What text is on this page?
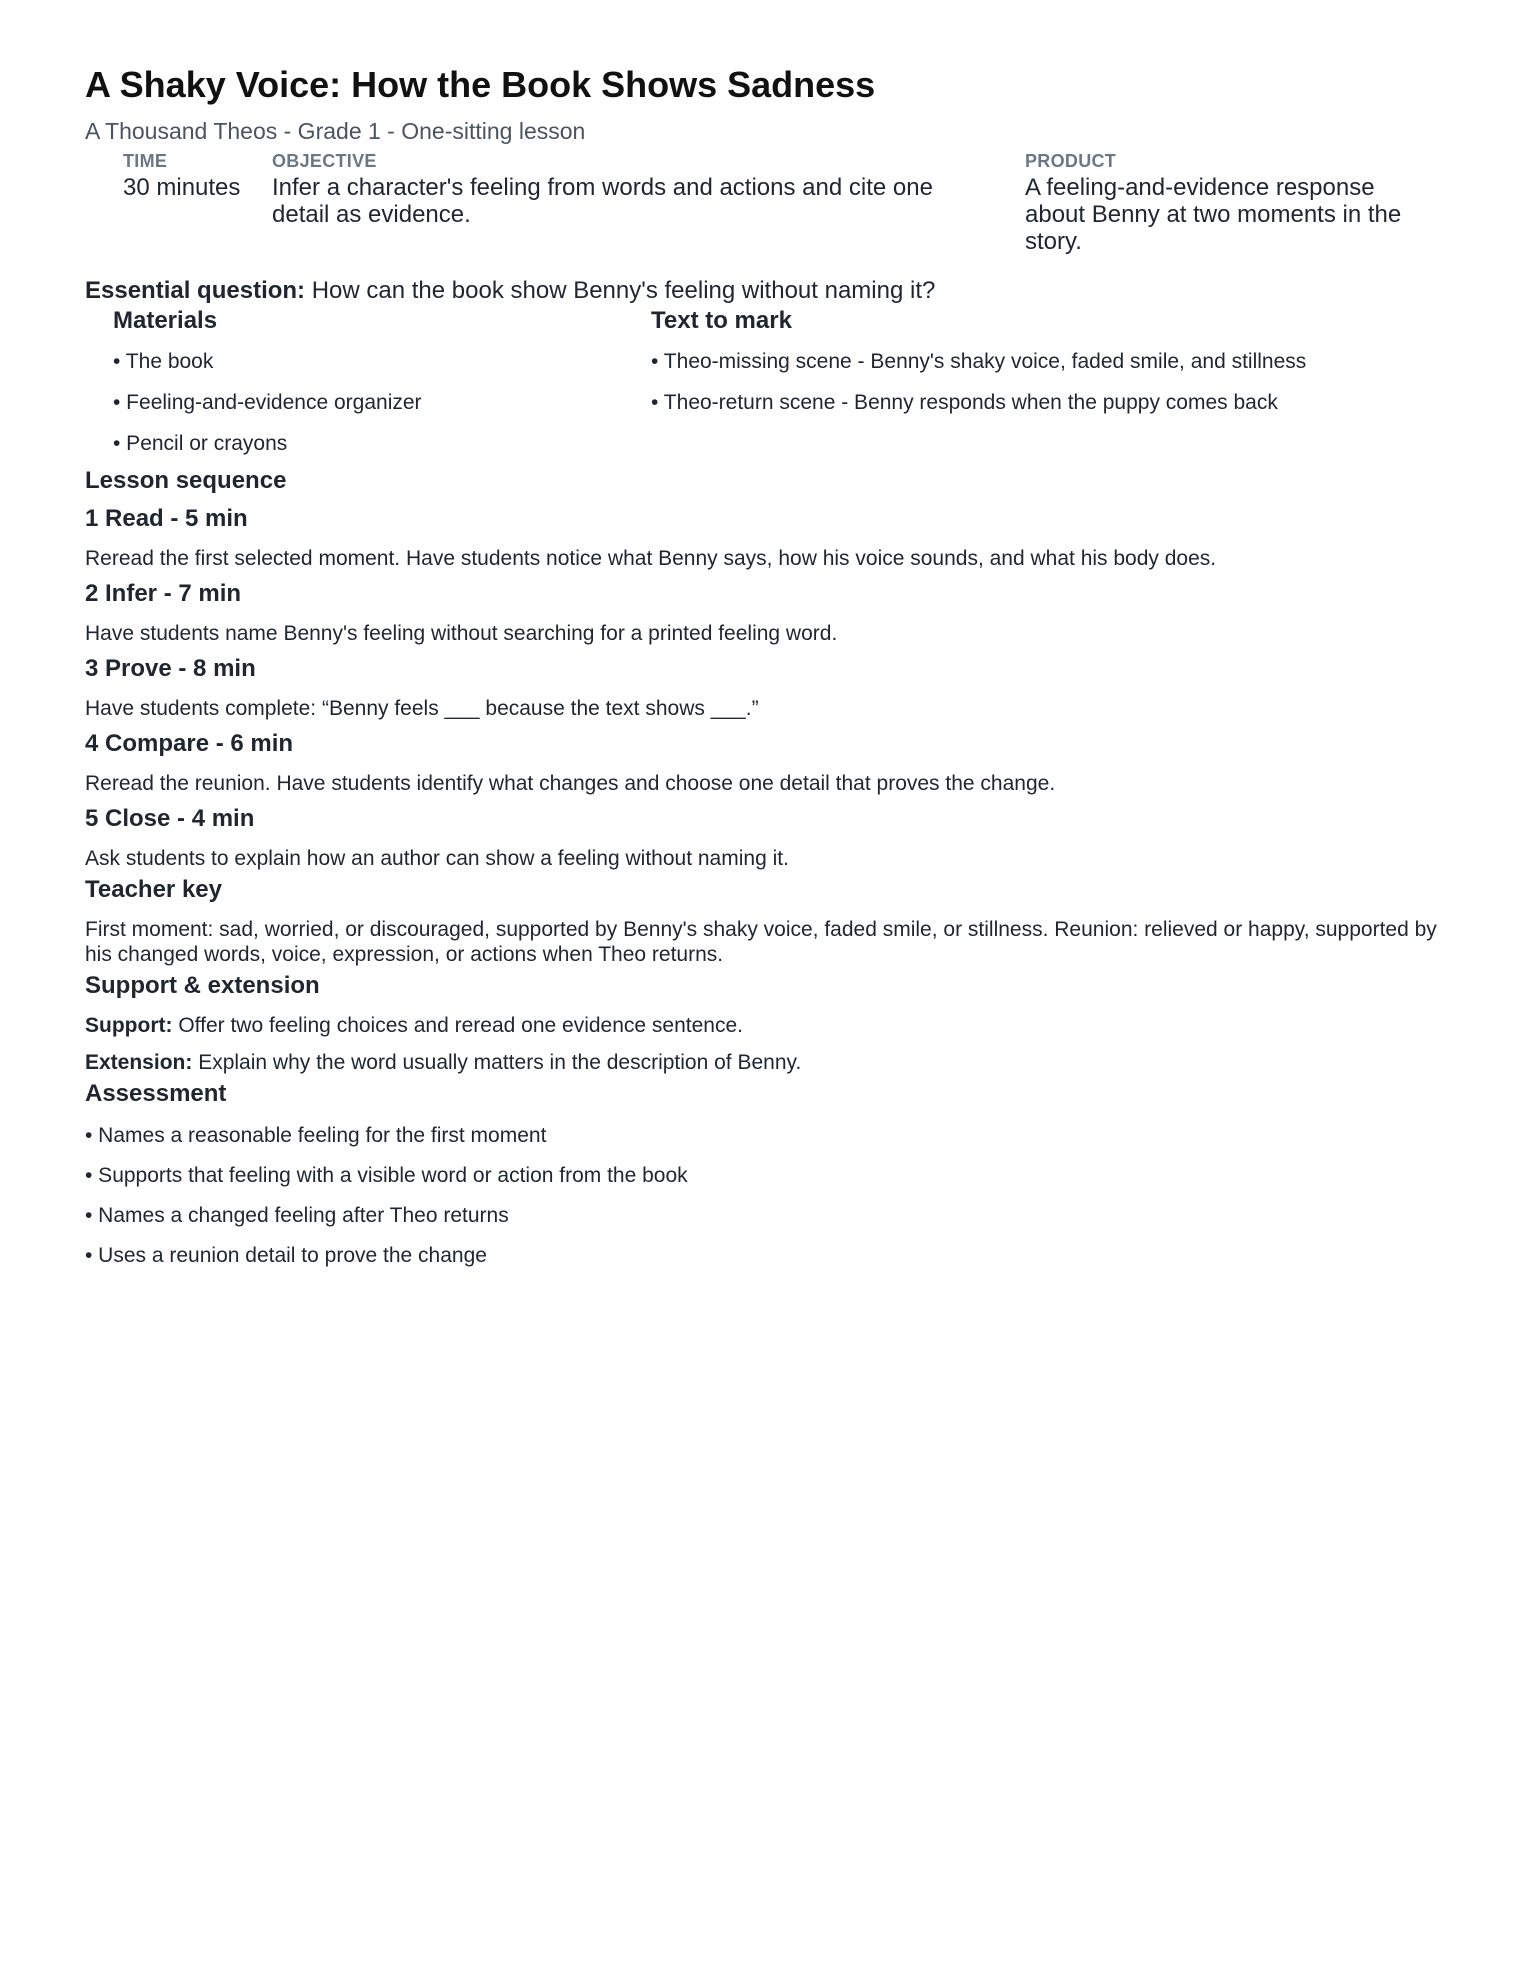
A Shaky Voice: How the Book Shows Sadness
A Thousand Theos - Grade 1 - One-sitting lesson
TIME
30 minutes
OBJECTIVE
Infer a character's feeling from words and actions and cite one detail as evidence.
PRODUCT
A feeling-and-evidence response about Benny at two moments in the story.
Essential question: How can the book show Benny's feeling without naming it?
Materials
• The book
• Feeling-and-evidence organizer
• Pencil or crayons
Text to mark
• Theo-missing scene - Benny's shaky voice, faded smile, and stillness
• Theo-return scene - Benny responds when the puppy comes back
Lesson sequence
1 Read - 5 min
Reread the first selected moment. Have students notice what Benny says, how his voice sounds, and what his body does.
2 Infer - 7 min
Have students name Benny's feeling without searching for a printed feeling word.
3 Prove - 8 min
Have students complete: “Benny feels ___ because the text shows ___.”
4 Compare - 6 min
Reread the reunion. Have students identify what changes and choose one detail that proves the change.
5 Close - 4 min
Ask students to explain how an author can show a feeling without naming it.
Teacher key
First moment: sad, worried, or discouraged, supported by Benny's shaky voice, faded smile, or stillness. Reunion: relieved or happy, supported by his changed words, voice, expression, or actions when Theo returns.
Support & extension
Support: Offer two feeling choices and reread one evidence sentence.
Extension: Explain why the word usually matters in the description of Benny.
Assessment
• Names a reasonable feeling for the first moment
• Supports that feeling with a visible word or action from the book
• Names a changed feeling after Theo returns
• Uses a reunion detail to prove the change
